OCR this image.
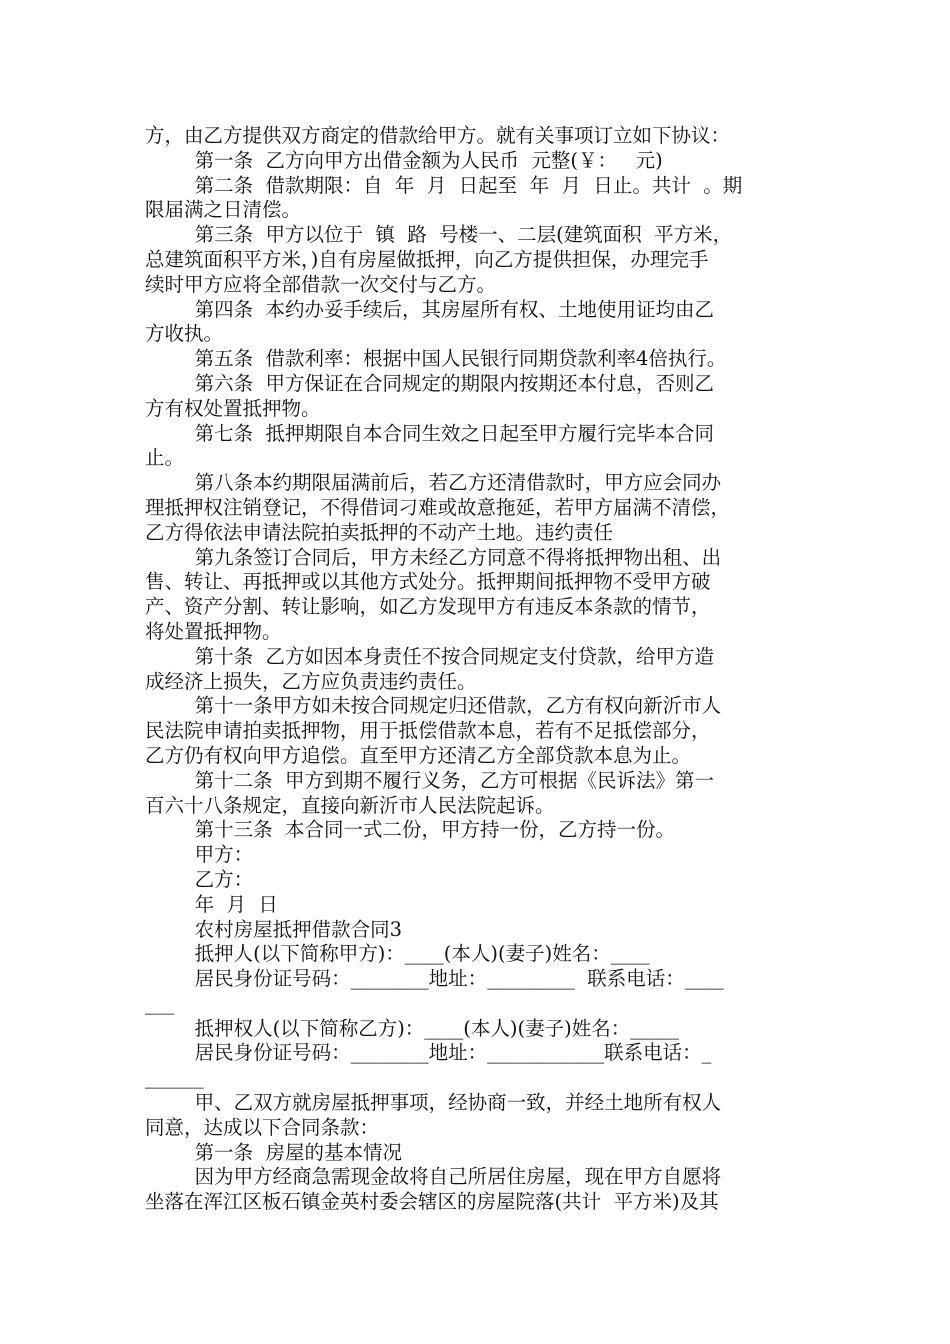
方，由乙方提供双方商定的借款给甲方。就有关事项订立如下协议：
第一条  乙方向甲方出借金额为人民币  元整(￥：   元)
第二条  借款期限：自  年  月  日起至  年  月  日止。共计  。期
限届满之日清偿。
第三条  甲方以位于  镇  路  号楼一、二层(建筑面积  平方米，
总建筑面积平方米，)自有房屋做抵押，向乙方提供担保，办理完手
续时甲方应将全部借款一次交付与乙方。
第四条  本约办妥手续后，其房屋所有权、土地使用证均由乙
方收执。
第五条  借款利率：根据中国人民银行同期贷款利率4倍执行。
第六条  甲方保证在合同规定的期限内按期还本付息，否则乙
方有权处置抵押物。
第七条  抵押期限自本合同生效之日起至甲方履行完毕本合同
止。
第八条本约期限届满前后，若乙方还清借款时，甲方应会同办
理抵押权注销登记，不得借词刁难或故意拖延，若甲方届满不清偿，
乙方得依法申请法院拍卖抵押的不动产土地。违约责任
第九条签订合同后，甲方未经乙方同意不得将抵押物出租、出
售、转让、再抵押或以其他方式处分。抵押期间抵押物不受甲方破
产、资产分割、转让影响，如乙方发现甲方有违反本条款的情节，
将处置抵押物。
第十条  乙方如因本身责任不按合同规定支付贷款，给甲方造
成经济上损失，乙方应负责违约责任。
第十一条甲方如未按合同规定归还借款，乙方有权向新沂市人
民法院申请拍卖抵押物，用于抵偿借款本息，若有不足抵偿部分，
乙方仍有权向甲方追偿。直至甲方还清乙方全部贷款本息为止。
第十二条  甲方到期不履行义务，乙方可根据《民诉法》第一
百六十八条规定，直接向新沂市人民法院起诉。
第十三条  本合同一式二份，甲方持一份，乙方持一份。
甲方：
乙方：
年  月  日
农村房屋抵押借款合同3
抵押人(以下简称甲方)：____(本人)(妻子)姓名：____
居民身份证号码：________地址：_________  联系电话：____
___
抵押权人(以下简称乙方)：____(本人)(妻子)姓名：_____
居民身份证号码：________地址：____________联系电话：_
______
甲、乙双方就房屋抵押事项，经协商一致，并经土地所有权人
同意，达成以下合同条款：
第一条  房屋的基本情况
因为甲方经商急需现金故将自己所居住房屋，现在甲方自愿将
坐落在浑江区板石镇金英村委会辖区的房屋院落(共计  平方米)及其
